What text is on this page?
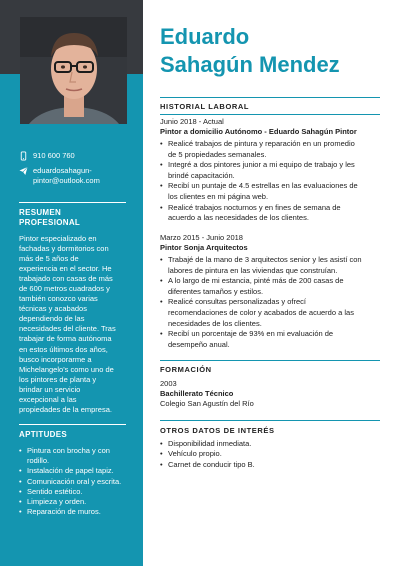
910 600 760
eduardosahagun-
pintor@outlook.com
RESUMEN
PROFESIONAL
Pintor especializado en
fachadas y dormitorios con
más de 5 años de
experiencia en el sector. He
trabajado con casas de más
de 600 metros cuadrados y
también conozco varias
técnicas y acabados
dependiendo de las
necesidades del cliente. Tras
trabajar de forma autónoma
en estos últimos dos años,
busco incorporarme a
Michelangelo's como uno de
los pintores de planta y
brindar un servicio
excepcional a las
propiedades de la empresa.
APTITUDES
• Pintura con brocha y con
rodillo.
• Instalación de papel tapiz.
• Comunicación oral y escrita.
• Sentido estético.
• Limpieza y orden.
• Reparación de muros.
Eduardo
Sahagún Mendez
HISTORIAL LABORAL
Junio 2018 - Actual
Pintor a domicilio Autónomo - Eduardo Sahagún Pintor
• Realicé trabajos de pintura y reparación en un promedio
de 5 propiedades semanales.
• Integré a dos pintores junior a mi equipo de trabajo y les
brindé capacitación.
• Recibí un puntaje de 4.5 estrellas en las evaluaciones de
los clientes en mi página web.
• Realicé trabajos nocturnos y en fines de semana de
acuerdo a las necesidades de los clientes.
Marzo 2015 - Junio 2018
Pintor Sonja Arquitectos
• Trabajé de la mano de 3 arquitectos senior y les asistí con
labores de pintura en las viviendas que construían.
• A lo largo de mi estancia, pinté más de 200 casas de
diferentes tamaños y estilos.
• Realicé consultas personalizadas y ofrecí
recomendaciones de color y acabados de acuerdo a las
necesidades de los clientes.
• Recibí un porcentaje de 93% en mi evaluación de
desempeño anual.
FORMACIÓN
2003
Bachillerato Técnico
Colegio San Agustín del Río
OTROS DATOS DE INTERÉS
• Disponibilidad inmediata.
• Vehículo propio.
• Carnet de conducir tipo B.
